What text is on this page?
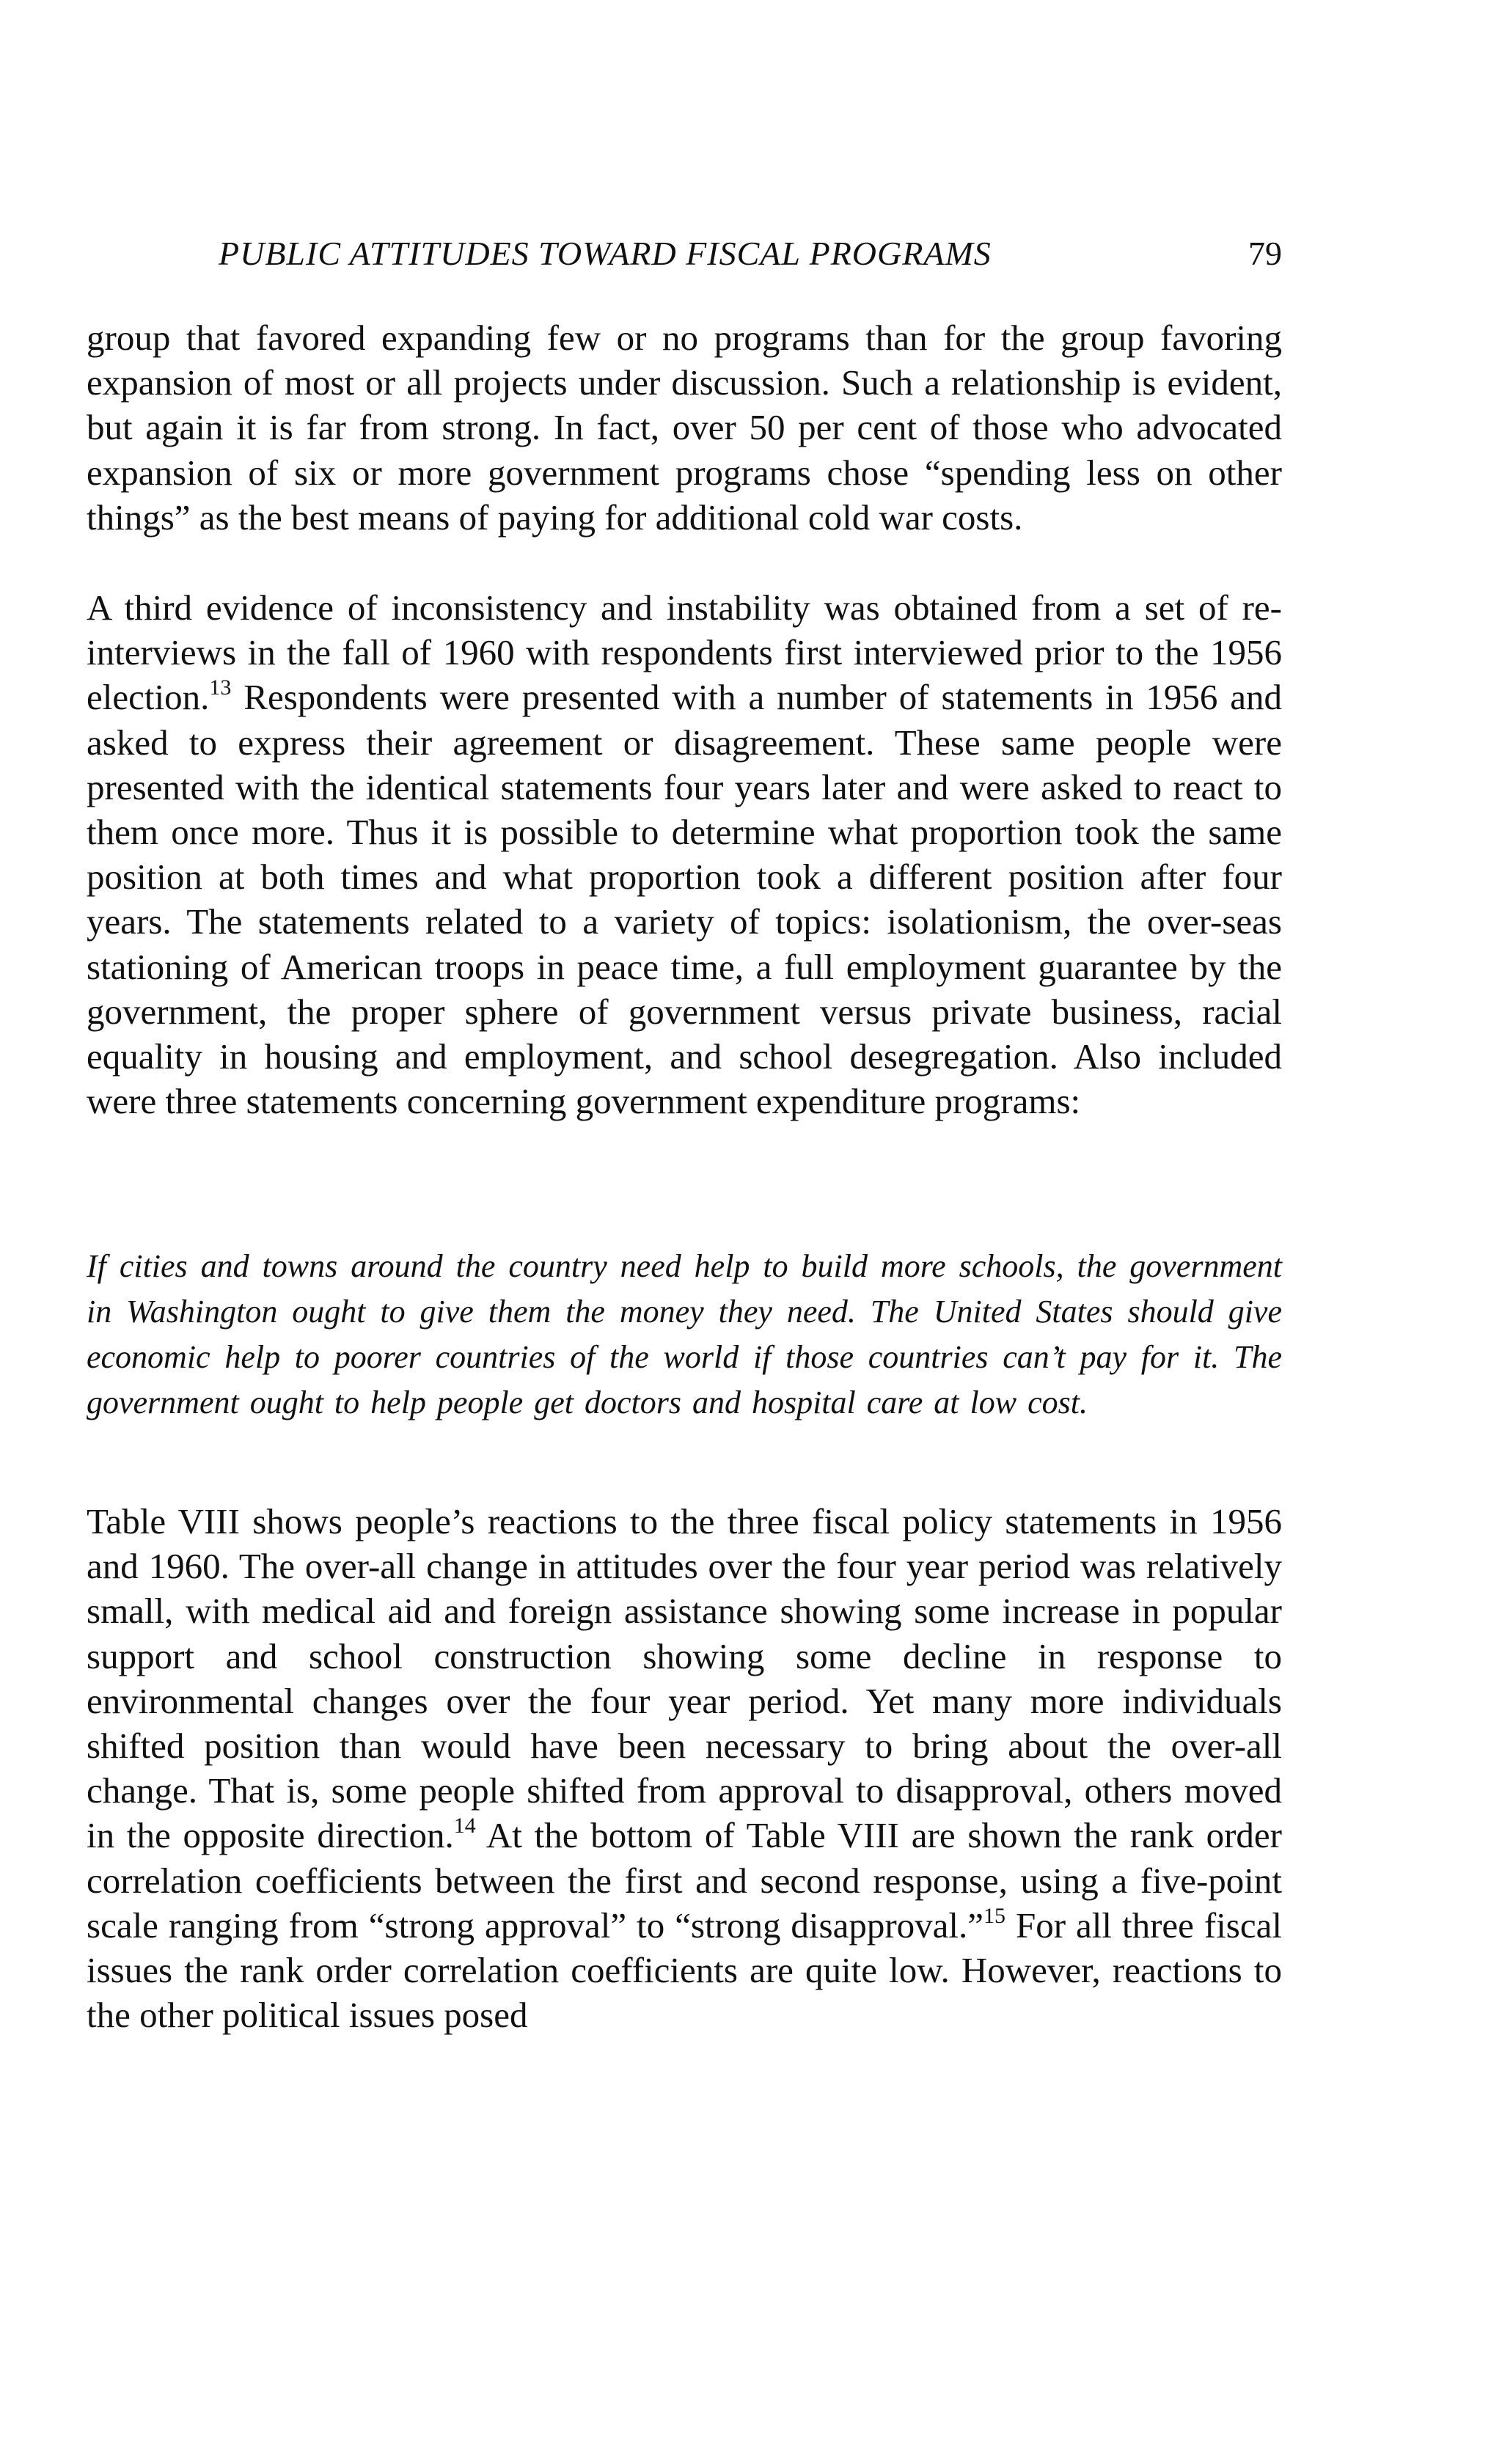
PUBLIC ATTITUDES TOWARD FISCAL PROGRAMS	79

group that favored expanding few or no programs than for the group favoring expansion of most or all projects under discussion. Such a relationship is evident, but again it is far from strong. In fact, over 50 per cent of those who advocated expansion of six or more government programs chose “spending less on other things” as the best means of paying for additional cold war costs.

A third evidence of inconsistency and instability was obtained from a set of re-interviews in the fall of 1960 with respondents first interviewed prior to the 1956 election.$^{13}$ Respondents were presented with a number of statements in 1956 and asked to express their agreement or disagreement. These same people were presented with the identical statements four years later and were asked to react to them once more. Thus it is possible to determine what proportion took the same position at both times and what proportion took a different position after four years. The statements related to a variety of topics: isolationism, the over-seas stationing of American troops in peace time, a full employment guarantee by the government, the proper sphere of government versus private business, racial equality in housing and employment, and school desegregation. Also included were three statements concerning government expenditure programs:

If cities and towns around the country need help to build more schools, the government in Washington ought to give them the money they need. The United States should give economic help to poorer countries of the world if those countries can’t pay for it. The government ought to help people get doctors and hospital care at low cost.

Table VIII shows people’s reactions to the three fiscal policy statements in 1956 and 1960. The over-all change in attitudes over the four year period was relatively small, with medical aid and foreign assistance showing some increase in popular support and school construction showing some decline in response to environmental changes over the four year period. Yet many more individuals shifted position than would have been necessary to bring about the over-all change. That is, some people shifted from approval to disapproval, others moved in the opposite direction.$^{14}$ At the bottom of Table VIII are shown the rank order correlation coefficients between the first and second response, using a five-point scale ranging from “strong approval” to “strong disapproval.”$^{15}$ For all three fiscal issues the rank order correlation coefficients are quite low. However, reactions to the other political issues posed
